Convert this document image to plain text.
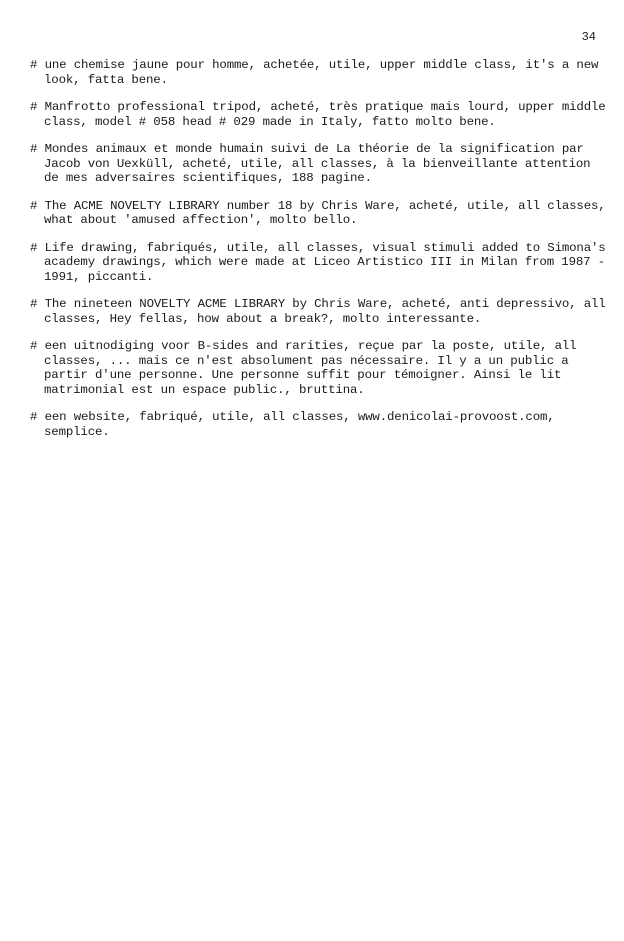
34
# une chemise jaune pour homme, achetée, utile, upper middle class, it's a new look, fatta bene.
# Manfrotto professional tripod, acheté, très pratique mais lourd, upper middle class, model # 058 head # 029 made in Italy, fatto molto bene.
# Mondes animaux et monde humain suivi de La théorie de la signification par Jacob von Uexküll, acheté, utile, all classes, à la bienveillante attention de mes adversaires scientifiques, 188 pagine.
# The ACME NOVELTY LIBRARY number 18 by Chris Ware, acheté, utile, all classes, what about 'amused affection', molto bello.
# Life drawing, fabriqués, utile, all classes, visual stimuli added to Simona's academy drawings, which were made at Liceo Artistico III in Milan from 1987 - 1991, piccanti.
# The nineteen NOVELTY ACME LIBRARY by Chris Ware, acheté, anti depressivo, all classes, Hey fellas, how about a break?, molto interessante.
# een uitnodiging voor B-sides and rarities, reçue par la poste, utile, all classes, ... mais ce n'est absolument pas nécessaire. Il y a un public a partir d'une personne. Une personne suffit pour témoigner. Ainsi le lit matrimonial est un espace public., bruttina.
# een website, fabriqué, utile, all classes, www.denicolai-provoost.com, semplice.
